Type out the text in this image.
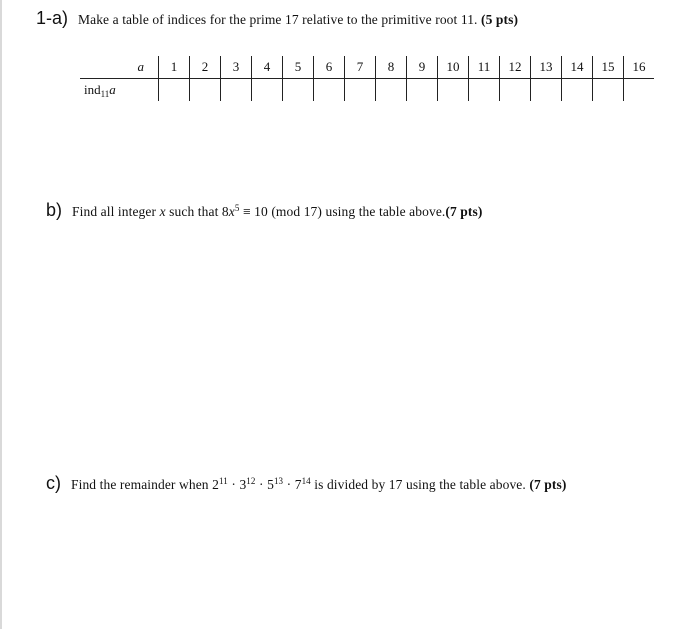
1-a) Make a table of indices for the prime 17 relative to the primitive root 11. (5 pts)
a	1	2	3	4	5	6	7	8	9	10	11	12	13	14	15	16
ind$_{11}$a																
b) Find all integer x such that $8x^5 \equiv 10$ (mod 17) using the table above.(7 pts)
c) Find the remainder when $2^{11} \cdot 3^{12} \cdot 5^{13} \cdot 7^{14}$ is divided by 17 using the table above. (7 pts)
